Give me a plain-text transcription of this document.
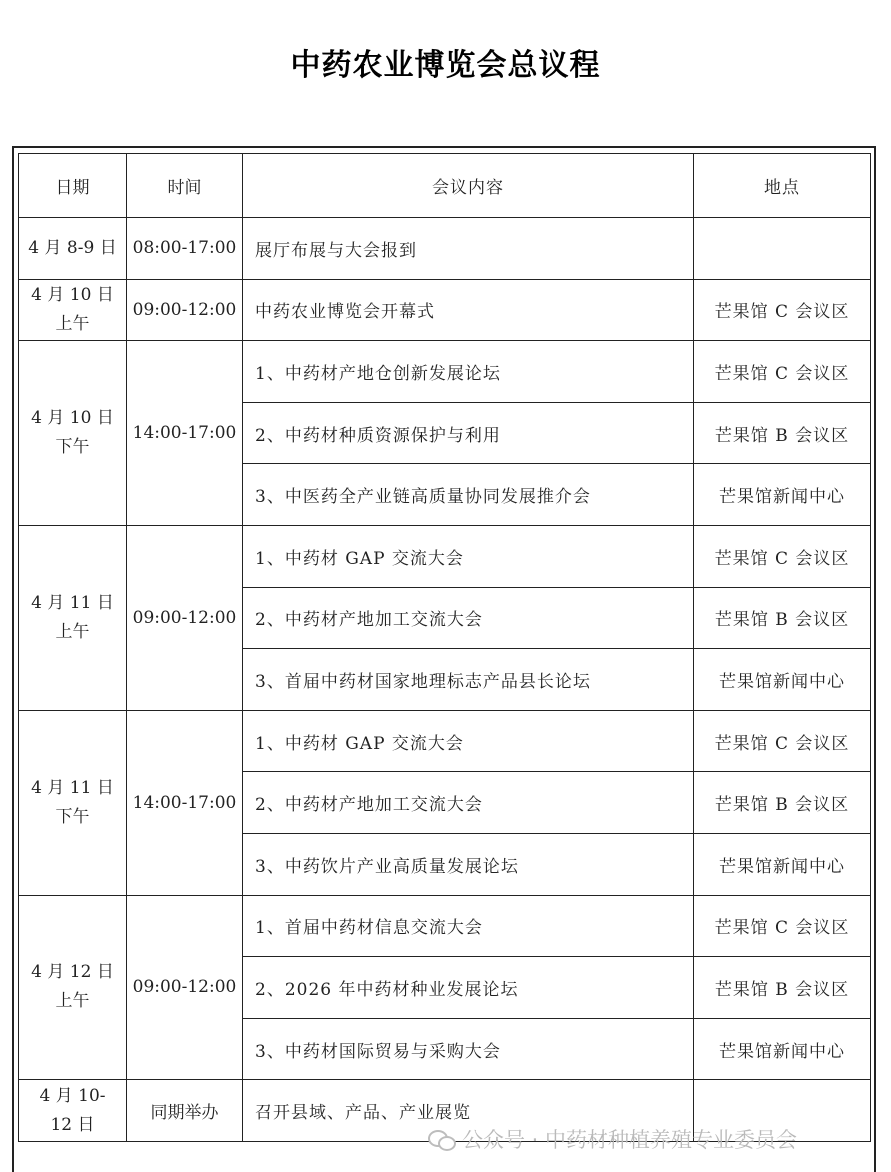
中药农业博览会总议程
日期	时间	会议内容	地点

4 月 8-9 日	08:00-17:00	展厅布展与大会报到	

4 月 10 日
上午	09:00-12:00	中药农业博览会开幕式	芒果馆 C 会议区

4 月 10 日
下午	14:00-17:00	1、中药材产地仓创新发展论坛	芒果馆 C 会议区
		2、中药材种质资源保护与利用	芒果馆 B 会议区
		3、中医药全产业链高质量协同发展推介会	芒果馆新闻中心

4 月 11 日
上午	09:00-12:00	1、中药材 GAP 交流大会	芒果馆 C 会议区
		2、中药材产地加工交流大会	芒果馆 B 会议区
		3、首届中药材国家地理标志产品县长论坛	芒果馆新闻中心

4 月 11 日
下午	14:00-17:00	1、中药材 GAP 交流大会	芒果馆 C 会议区
		2、中药材产地加工交流大会	芒果馆 B 会议区
		3、中药饮片产业高质量发展论坛	芒果馆新闻中心

4 月 12 日
上午	09:00-12:00	1、首届中药材信息交流大会	芒果馆 C 会议区
		2、2026 年中药材种业发展论坛	芒果馆 B 会议区
		3、中药材国际贸易与采购大会	芒果馆新闻中心

4 月 10-
12 日	同期举办	召开县域、产品、产业展览	
公众号 · 中药材种植养殖专业委员会
